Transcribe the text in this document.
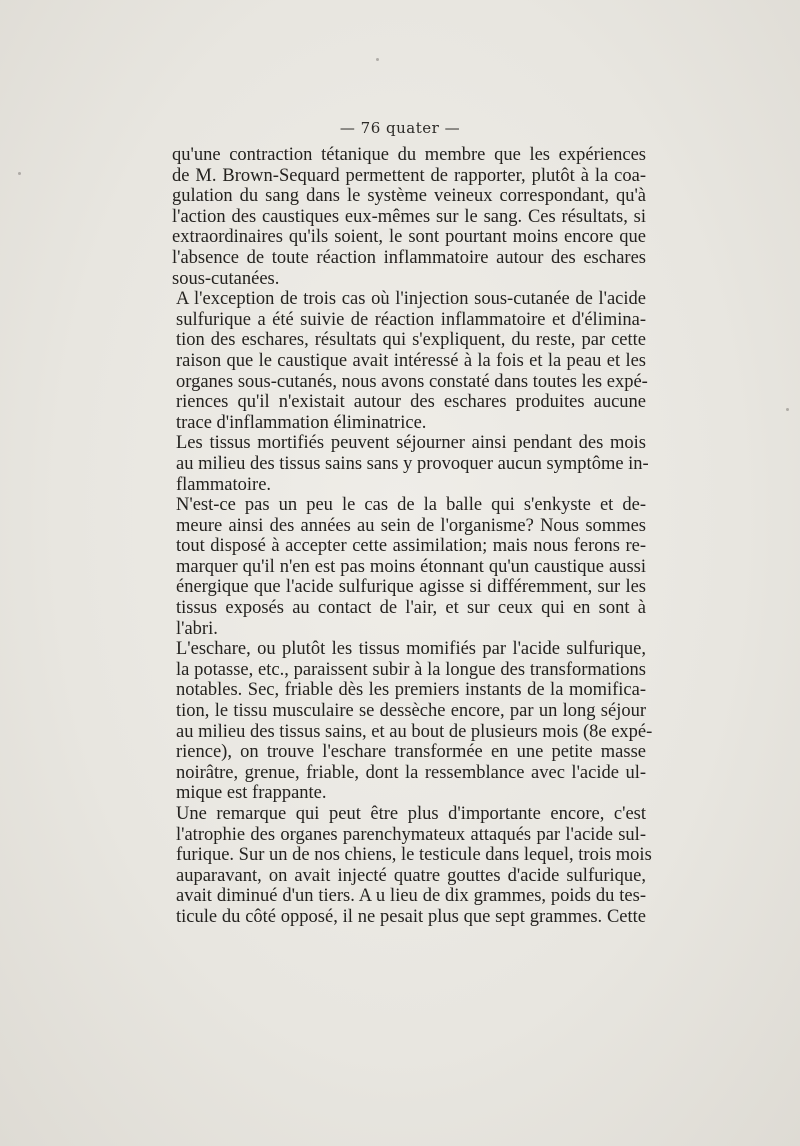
— 76 quater —

qu'une contraction tétanique du membre que les expériences
de M. Brown-Sequard permettent de rapporter, plutôt à la coa-
gulation du sang dans le système veineux correspondant, qu'à
l'action des caustiques eux-mêmes sur le sang. Ces résultats, si
extraordinaires qu'ils soient, le sont pourtant moins encore que
l'absence de toute réaction inflammatoire autour des eschares
sous-cutanées.

A l'exception de trois cas où l'injection sous-cutanée de l'acide
sulfurique a été suivie de réaction inflammatoire et d'élimina-
tion des eschares, résultats qui s'expliquent, du reste, par cette
raison que le caustique avait intéressé à la fois et la peau et les
organes sous-cutanés, nous avons constaté dans toutes les expé-
riences qu'il n'existait autour des eschares produites aucune
trace d'inflammation éliminatrice.

Les tissus mortifiés peuvent séjourner ainsi pendant des mois
au milieu des tissus sains sans y provoquer aucun symptôme in-
flammatoire.

N'est-ce pas un peu le cas de la balle qui s'enkyste et de-
meure ainsi des années au sein de l'organisme? Nous sommes
tout disposé à accepter cette assimilation; mais nous ferons re-
marquer qu'il n'en est pas moins étonnant qu'un caustique aussi
énergique que l'acide sulfurique agisse si différemment, sur les
tissus exposés au contact de l'air, et sur ceux qui en sont à
l'abri.

L'eschare, ou plutôt les tissus momifiés par l'acide sulfurique,
la potasse, etc., paraissent subir à la longue des transformations
notables. Sec, friable dès les premiers instants de la momifica-
tion, le tissu musculaire se dessèche encore, par un long séjour
au milieu des tissus sains, et au bout de plusieurs mois (8e expé-
rience), on trouve l'eschare transformée en une petite masse
noirâtre, grenue, friable, dont la ressemblance avec l'acide ul-
mique est frappante.

Une remarque qui peut être plus d'importante encore, c'est
l'atrophie des organes parenchymateux attaqués par l'acide sul-
furique. Sur un de nos chiens, le testicule dans lequel, trois mois
auparavant, on avait injecté quatre gouttes d'acide sulfurique,
avait diminué d'un tiers. A u lieu de dix grammes, poids du tes-
ticule du côté opposé, il ne pesait plus que sept grammes. Cette
